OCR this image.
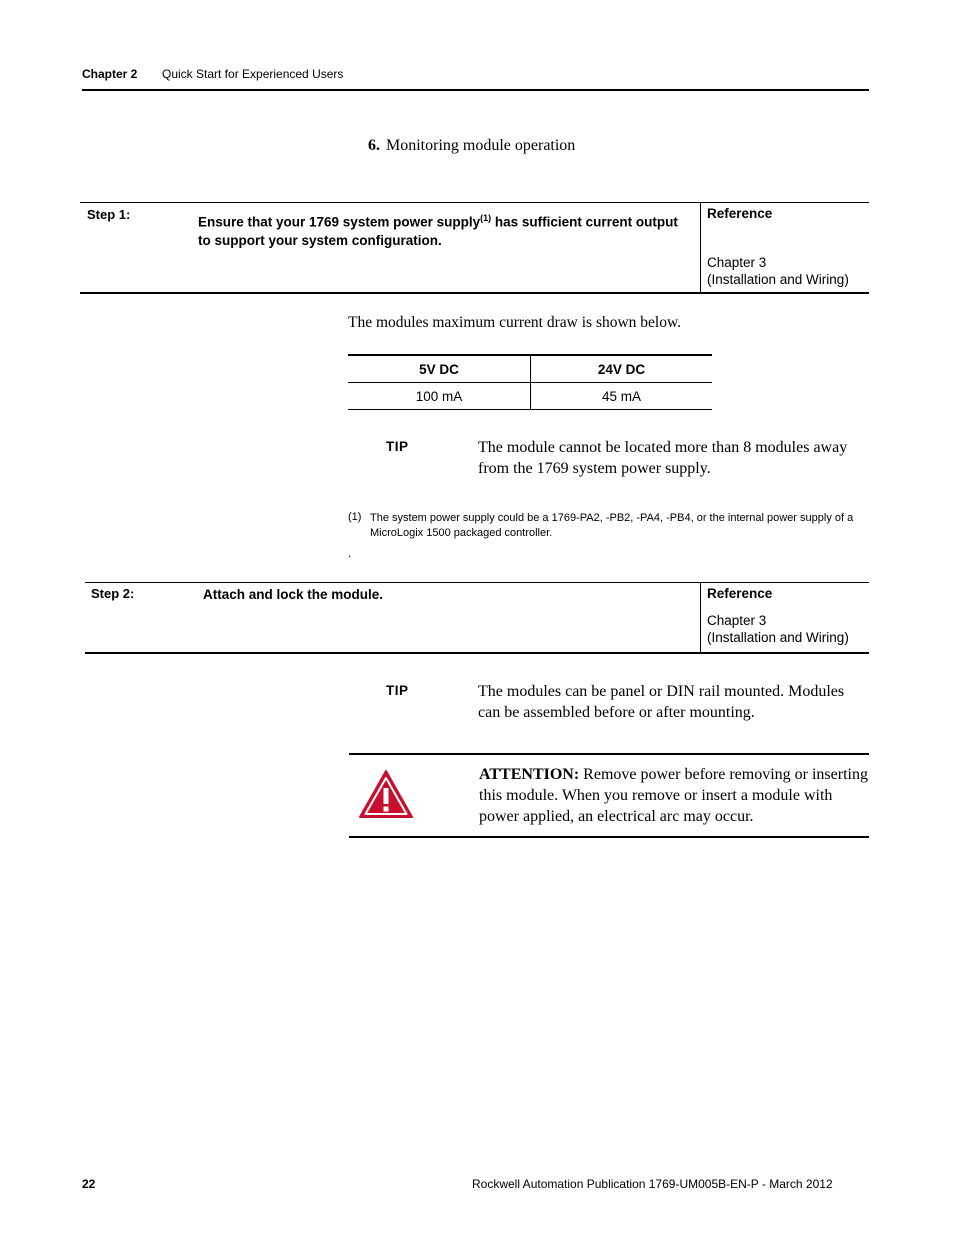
Chapter 2 Quick Start for Experienced Users
6. Monitoring module operation
Step 1:	Ensure that your 1769 system power supply$^{(1)}$ has sufficient current output to support your system configuration.
Reference
Chapter 3
(Installation and Wiring)
The modules maximum current draw is shown below.
5V DC	24V DC
100 mA	45 mA
TIP	The module cannot be located more than 8 modules away from the 1769 system power supply.
(1) The system power supply could be a 1769-PA2, -PB2, -PA4, -PB4, or the internal power supply of a MicroLogix 1500 packaged controller.
.
Step 2:	Attach and lock the module.	Reference
Chapter 3
(Installation and Wiring)
TIP	The modules can be panel or DIN rail mounted. Modules can be assembled before or after mounting.
ATTENTION: Remove power before removing or inserting this module. When you remove or insert a module with power applied, an electrical arc may occur.
22	Rockwell Automation Publication 1769-UM005B-EN-P - March 2012
